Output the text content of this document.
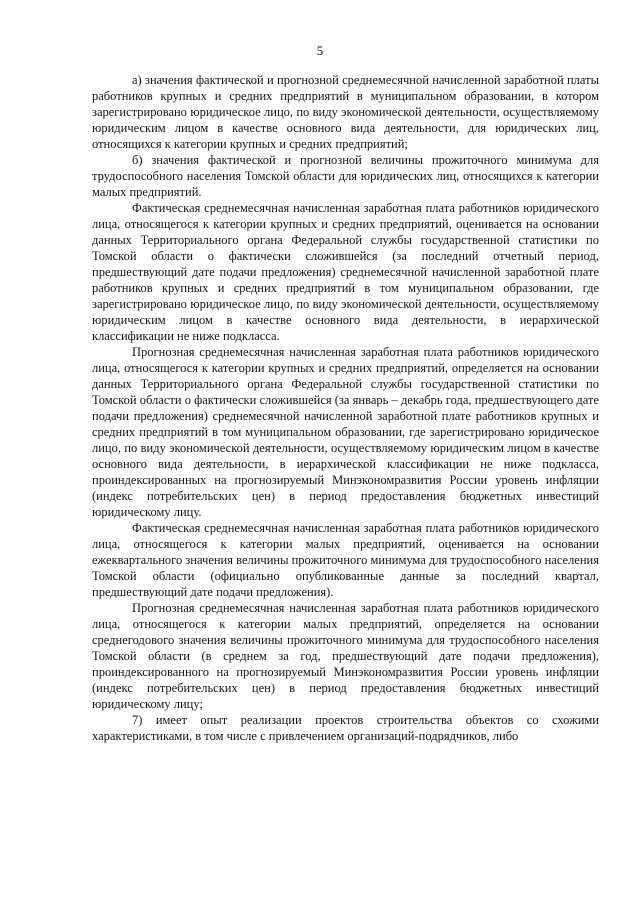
5

а) значения фактической и прогнозной среднемесячной начисленной заработной платы работников крупных и средних предприятий в муниципальном образовании, в котором зарегистрировано юридическое лицо, по виду экономической деятельности, осуществляемому юридическим лицом в качестве основного вида деятельности, для юридических лиц, относящихся к категории крупных и средних предприятий;

б) значения фактической и прогнозной величины прожиточного минимума для трудоспособного населения Томской области для юридических лиц, относящихся к категории малых предприятий.

Фактическая среднемесячная начисленная заработная плата работников юридического лица, относящегося к категории крупных и средних предприятий, оценивается на основании данных Территориального органа Федеральной службы государственной статистики по Томской области о фактически сложившейся (за последний отчетный период, предшествующий дате подачи предложения) среднемесячной начисленной заработной плате работников крупных и средних предприятий в том муниципальном образовании, где зарегистрировано юридическое лицо, по виду экономической деятельности, осуществляемому юридическим лицом в качестве основного вида деятельности, в иерархической классификации не ниже подкласса.

Прогнозная среднемесячная начисленная заработная плата работников юридического лица, относящегося к категории крупных и средних предприятий, определяется на основании данных Территориального органа Федеральной службы государственной статистики по Томской области о фактически сложившейся (за январь – декабрь года, предшествующего дате подачи предложения) среднемесячной начисленной заработной плате работников крупных и средних предприятий в том муниципальном образовании, где зарегистрировано юридическое лицо, по виду экономической деятельности, осуществляемому юридическим лицом в качестве основного вида деятельности, в иерархической классификации не ниже подкласса, проиндексированных на прогнозируемый Минэкономразвития России уровень инфляции (индекс потребительских цен) в период предоставления бюджетных инвестиций юридическому лицу.

Фактическая среднемесячная начисленная заработная плата работников юридического лица, относящегося к категории малых предприятий, оценивается на основании ежеквартального значения величины прожиточного минимума для трудоспособного населения Томской области (официально опубликованные данные за последний квартал, предшествующий дате подачи предложения).

Прогнозная среднемесячная начисленная заработная плата работников юридического лица, относящегося к категории малых предприятий, определяется на основании среднегодового значения величины прожиточного минимума для трудоспособного населения Томской области (в среднем за год, предшествующий дате подачи предложения), проиндексированного на прогнозируемый Минэкономразвития России уровень инфляции (индекс потребительских цен) в период предоставления бюджетных инвестиций юридическому лицу;

7) имеет опыт реализации проектов строительства объектов со схожими характеристиками, в том числе с привлечением организаций-подрядчиков, либо
